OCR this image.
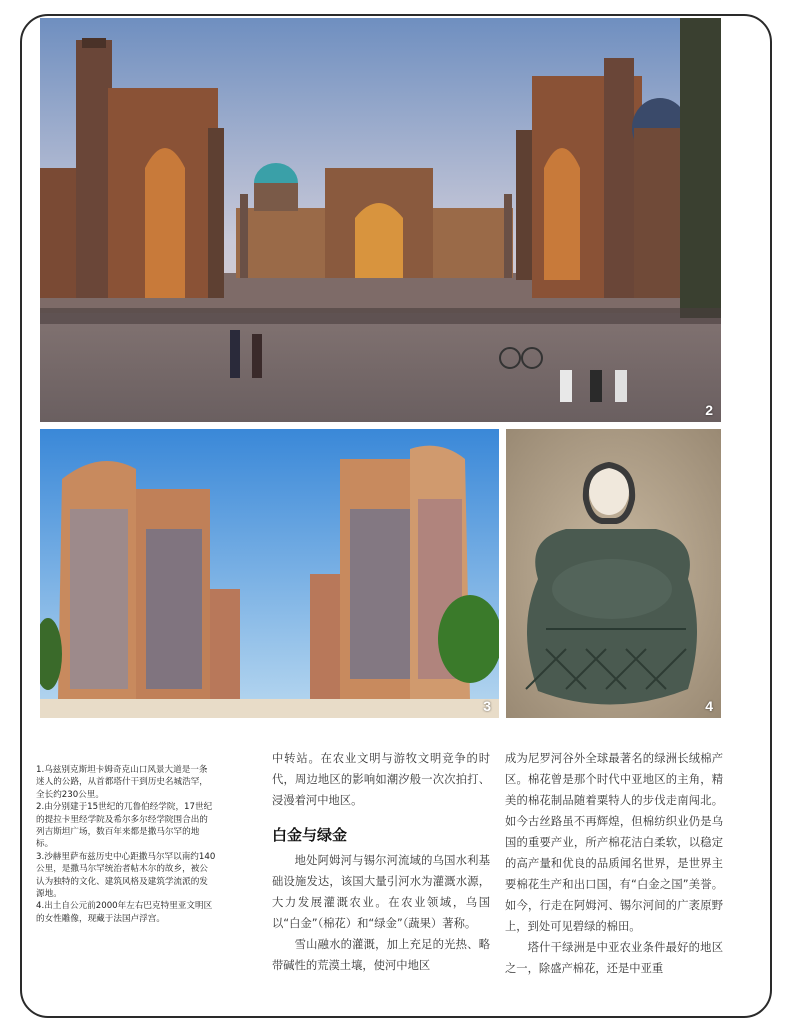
2
3	4

1.乌兹别克斯坦卡姆奇克山口风景大道是一条迷人的公路，从首都塔什干到历史名城浩罕，全长约230公里。

2.由分别建于15世纪的兀鲁伯经学院，17世纪的提拉卡里经学院及希尔多尔经学院围合出的列吉斯坦广场，数百年来都是撒马尔罕的地标。

3.沙赫里萨布兹历史中心距撒马尔罕以南约140公里，是撒马尔罕统治者帖木尔的故乡，被公认为独特的文化、建筑风格及建筑学流派的发源地。

4.出土自公元前2000年左右巴克特里亚文明区的女性雕像，现藏于法国卢浮宫。

中转站。在农业文明与游牧文明竞争的时代，周边地区的影响如潮汐般一次次拍打、浸漫着河中地区。

白金与绿金

地处阿姆河与锡尔河流域的乌国水利基础设施发达，该国大量引河水为灌溉水源，大力发展灌溉农业。在农业领域，乌国以“白金”（棉花）和“绿金”（蔬果）著称。

雪山融水的灌溉，加上充足的光热、略带碱性的荒漠土壤，使河中地区

成为尼罗河谷外全球最著名的绿洲长绒棉产区。棉花曾是那个时代中亚地区的主角，精美的棉花制品随着粟特人的步伐走南闯北。如今古丝路虽不再辉煌，但棉纺织业仍是乌国的重要产业，所产棉花洁白柔软，以稳定的高产量和优良的品质闻名世界，是世界主要棉花生产和出口国，有“白金之国”美誉。如今，行走在阿姆河、锡尔河间的广袤原野上，到处可见碧绿的棉田。

塔什干绿洲是中亚农业条件最好的地区之一，除盛产棉花，还是中亚重
